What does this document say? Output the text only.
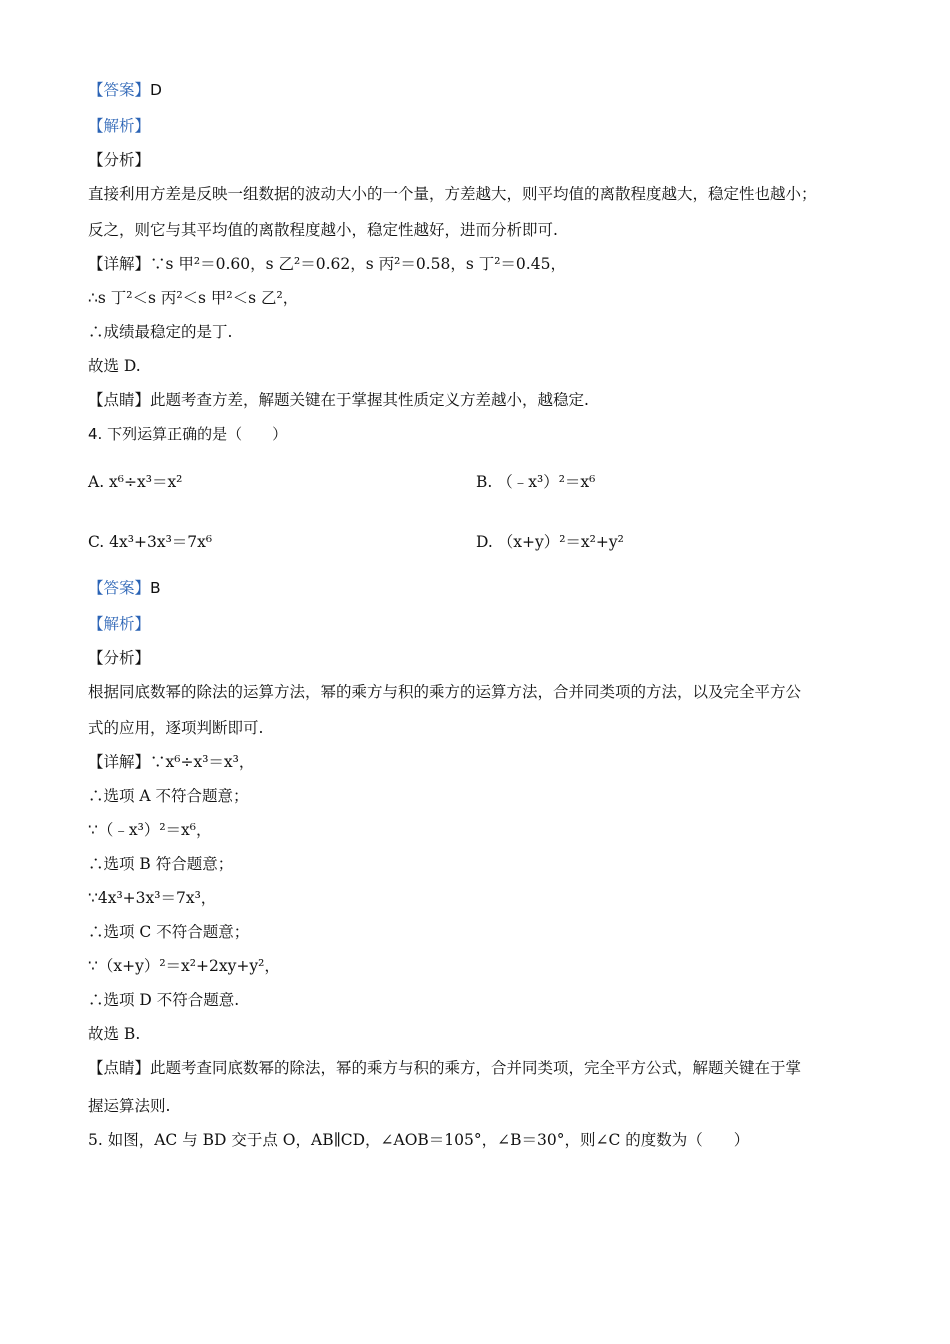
【答案】D
【解析】
【分析】
直接利用方差是反映一组数据的波动大小的一个量，方差越大，则平均值的离散程度越大，稳定性也越小；
反之，则它与其平均值的离散程度越小，稳定性越好，进而分析即可.
【详解】∵s 甲²＝0.60，s 乙²＝0.62，s 丙²＝0.58，s 丁²＝0.45，
∴s 丁²＜s 丙²＜s 甲²＜s 乙²，
∴成绩最稳定的是丁.
故选 D.
【点睛】此题考查方差，解题关键在于掌握其性质定义方差越小，越稳定.
4. 下列运算正确的是（　　）
A. x⁶÷x³＝x²	B. （﹣x³）²＝x⁶
C. 4x³+3x³＝7x⁶	D. （x+y）²＝x²+y²
【答案】B
【解析】
【分析】
根据同底数幂的除法的运算方法，幂的乘方与积的乘方的运算方法，合并同类项的方法，以及完全平方公
式的应用，逐项判断即可.
【详解】∵x⁶÷x³＝x³，
∴选项 A 不符合题意；
∵（﹣x³）²＝x⁶，
∴选项 B 符合题意；
∵4x³+3x³＝7x³，
∴选项 C 不符合题意；
∵（x+y）²＝x²+2xy+y²，
∴选项 D 不符合题意.
故选 B.
【点睛】此题考查同底数幂的除法，幂的乘方与积的乘方，合并同类项，完全平方公式，解题关键在于掌
握运算法则.
5. 如图，AC 与 BD 交于点 O，AB∥CD，∠AOB＝105°，∠B＝30°，则∠C 的度数为（　　）
